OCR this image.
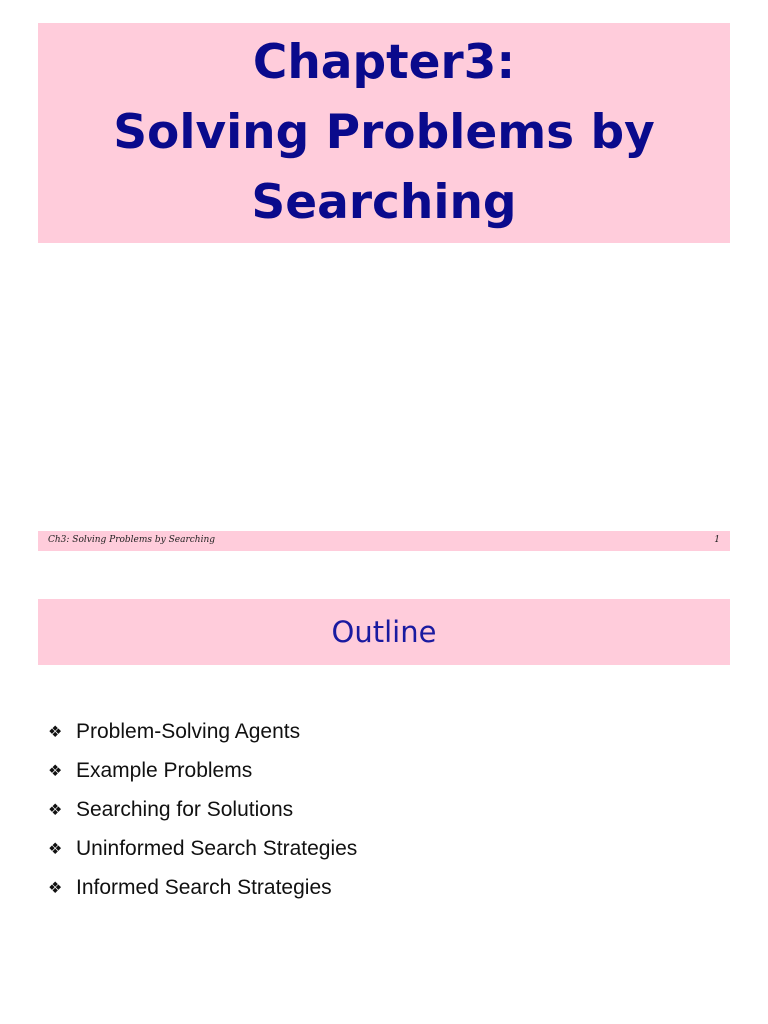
Chapter3:
Solving Problems by
Searching
Ch3: Solving Problems by Searching	1
Outline
❖ Problem-Solving Agents
❖ Example Problems
❖ Searching for Solutions
❖ Uninformed Search Strategies
❖ Informed Search Strategies
